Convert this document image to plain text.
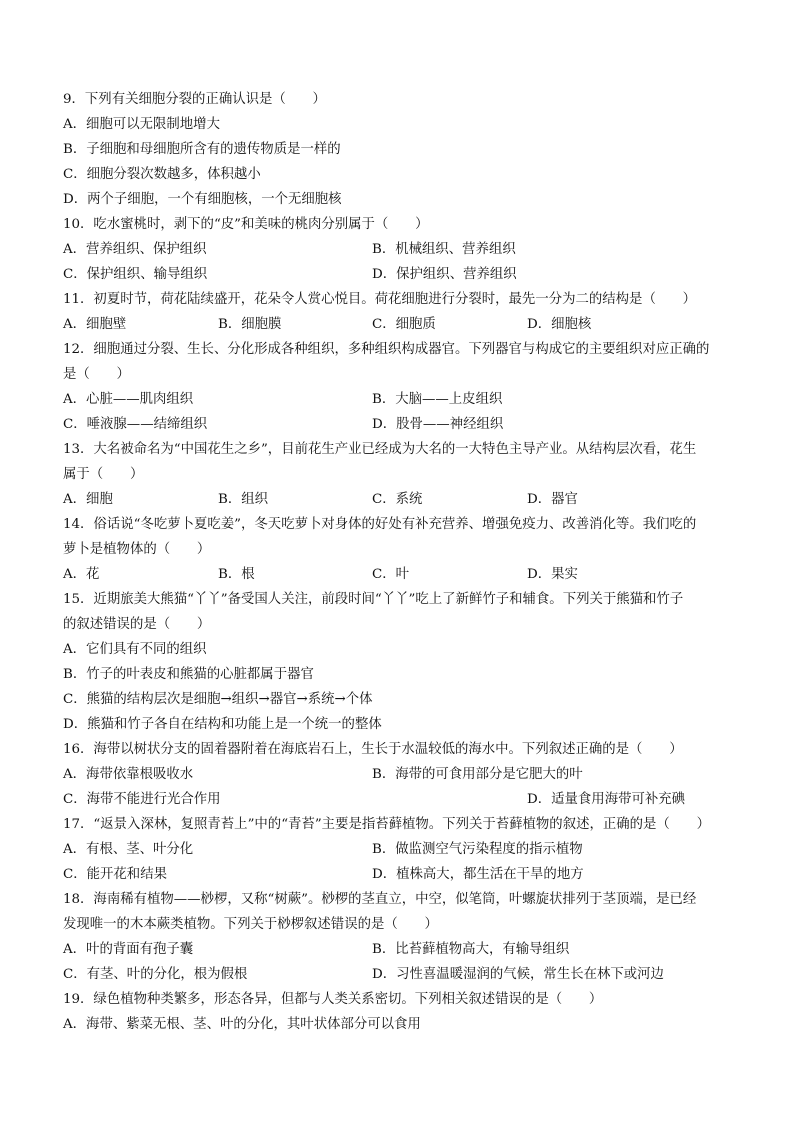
9．下列有关细胞分裂的正确认识是（　　）
A．细胞可以无限制地增大
B．子细胞和母细胞所含有的遗传物质是一样的
C．细胞分裂次数越多，体积越小
D．两个子细胞，一个有细胞核，一个无细胞核
10．吃水蜜桃时，剥下的“皮”和美味的桃肉分别属于（　　）
A．营养组织、保护组织	B．机械组织、营养组织
C．保护组织、输导组织	D．保护组织、营养组织
11．初夏时节，荷花陆续盛开，花朵令人赏心悦目。荷花细胞进行分裂时，最先一分为二的结构是（　　）
A．细胞壁	B．细胞膜	C．细胞质	D．细胞核
12．细胞通过分裂、生长、分化形成各种组织，多种组织构成器官。下列器官与构成它的主要组织对应正确的
是（　　）
A．心脏——肌肉组织	B．大脑——上皮组织
C．唾液腺——结缔组织	D．股骨——神经组织
13．大名被命名为“中国花生之乡”，目前花生产业已经成为大名的一大特色主导产业。从结构层次看，花生
属于（　　）
A．细胞	B．组织	C．系统	D．器官
14．俗话说“冬吃萝卜夏吃姜”，冬天吃萝卜对身体的好处有补充营养、增强免疫力、改善消化等。我们吃的
萝卜是植物体的（　　）
A．花	B．根	C．叶	D．果实
15．近期旅美大熊猫“丫丫”备受国人关注，前段时间“丫丫”吃上了新鲜竹子和辅食。下列关于熊猫和竹子
的叙述错误的是（　　）
A．它们具有不同的组织
B．竹子的叶表皮和熊猫的心脏都属于器官
C．熊猫的结构层次是细胞→组织→器官→系统→个体
D．熊猫和竹子各自在结构和功能上是一个统一的整体
16．海带以树状分支的固着器附着在海底岩石上，生长于水温较低的海水中。下列叙述正确的是（　　）
A．海带依靠根吸收水	B．海带的可食用部分是它肥大的叶
C．海带不能进行光合作用	D．适量食用海带可补充碘
17．“返景入深林，复照青苔上”中的“青苔”主要是指苔藓植物。下列关于苔藓植物的叙述，正确的是（　　）
A．有根、茎、叶分化	B．做监测空气污染程度的指示植物
C．能开花和结果	D．植株高大，都生活在干旱的地方
18．海南稀有植物——桫椤，又称“树蕨”。桫椤的茎直立，中空，似笔筒，叶螺旋状排列于茎顶端，是已经
发现唯一的木本蕨类植物。下列关于桫椤叙述错误的是（　　）
A．叶的背面有孢子囊	B．比苔藓植物高大，有输导组织
C．有茎、叶的分化，根为假根	D．习性喜温暖湿润的气候，常生长在林下或河边
19．绿色植物种类繁多，形态各异，但都与人类关系密切。下列相关叙述错误的是（　　）
A．海带、紫菜无根、茎、叶的分化，其叶状体部分可以食用
